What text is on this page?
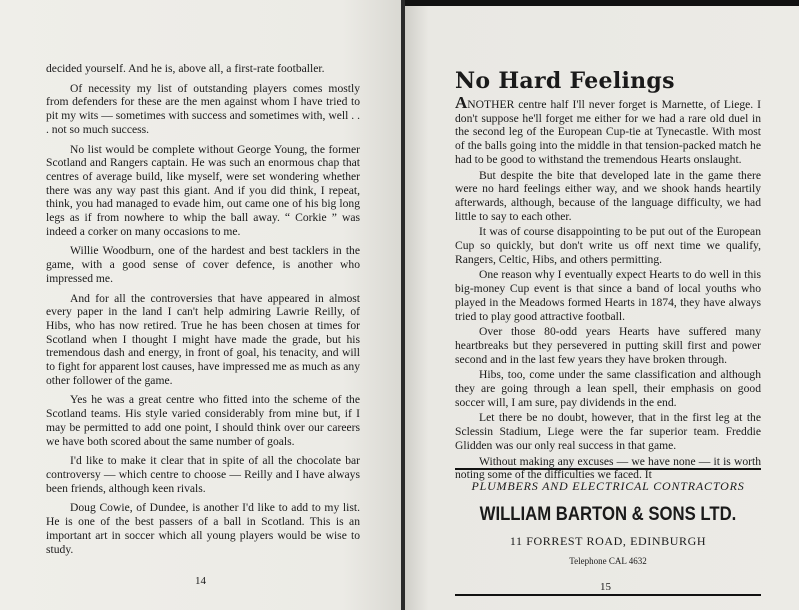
decided yourself. And he is, above all, a first-rate footballer.

Of necessity my list of outstanding players comes mostly from defenders for these are the men against whom I have tried to pit my wits — sometimes with success and sometimes with, well . . . not so much success.

No list would be complete without George Young, the former Scotland and Rangers captain. He was such an enormous chap that centres of average build, like myself, were set wondering whether there was any way past this giant. And if you did think, I repeat, think, you had managed to evade him, out came one of his big long legs as if from nowhere to whip the ball away. “ Corkie ” was indeed a corker on many occasions to me.

Willie Woodburn, one of the hardest and best tacklers in the game, with a good sense of cover defence, is another who impressed me.

And for all the controversies that have appeared in almost every paper in the land I can't help admiring Lawrie Reilly, of Hibs, who has now retired. True he has been chosen at times for Scotland when I thought I might have made the grade, but his tremendous dash and energy, in front of goal, his tenacity, and will to fight for apparent lost causes, have impressed me as much as any other follower of the game.

Yes he was a great centre who fitted into the scheme of the Scotland teams. His style varied considerably from mine but, if I may be permitted to add one point, I should think over our careers we have both scored about the same number of goals.

I'd like to make it clear that in spite of all the chocolate bar controversy — which centre to choose — Reilly and I have always been friends, although keen rivals.

Doug Cowie, of Dundee, is another I'd like to add to my list. He is one of the best passers of a ball in Scotland. This is an important art in soccer which all young players would be wise to study.

14
No Hard Feelings

ANOTHER centre half I'll never forget is Marnette, of Liege. I don't suppose he'll forget me either for we had a rare old duel in the second leg of the European Cup-tie at Tynecastle. With most of the balls going into the middle in that tension-packed match he had to be good to withstand the tremendous Hearts onslaught.

But despite the bite that developed late in the game there were no hard feelings either way, and we shook hands heartily afterwards, although, because of the language difficulty, we had little to say to each other.

It was of course disappointing to be put out of the European Cup so quickly, but don't write us off next time we qualify, Rangers, Celtic, Hibs, and others permitting.

One reason why I eventually expect Hearts to do well in this big-money Cup event is that since a band of local youths who played in the Meadows formed Hearts in 1874, they have always tried to play good attractive football.

Over those 80-odd years Hearts have suffered many heartbreaks but they persevered in putting skill first and power second and in the last few years they have broken through.

Hibs, too, come under the same classification and although they are going through a lean spell, their emphasis on good soccer will, I am sure, pay dividends in the end.

Let there be no doubt, however, that in the first leg at the Sclessin Stadium, Liege were the far superior team. Freddie Glidden was our only real success in that game.

Without making any excuses — we have none — it is worth noting some of the difficulties we faced. It

PLUMBERS AND ELECTRICAL CONTRACTORS
WILLIAM BARTON & SONS LTD.
11 FORREST ROAD, EDINBURGH
Telephone CAL 4632
15
